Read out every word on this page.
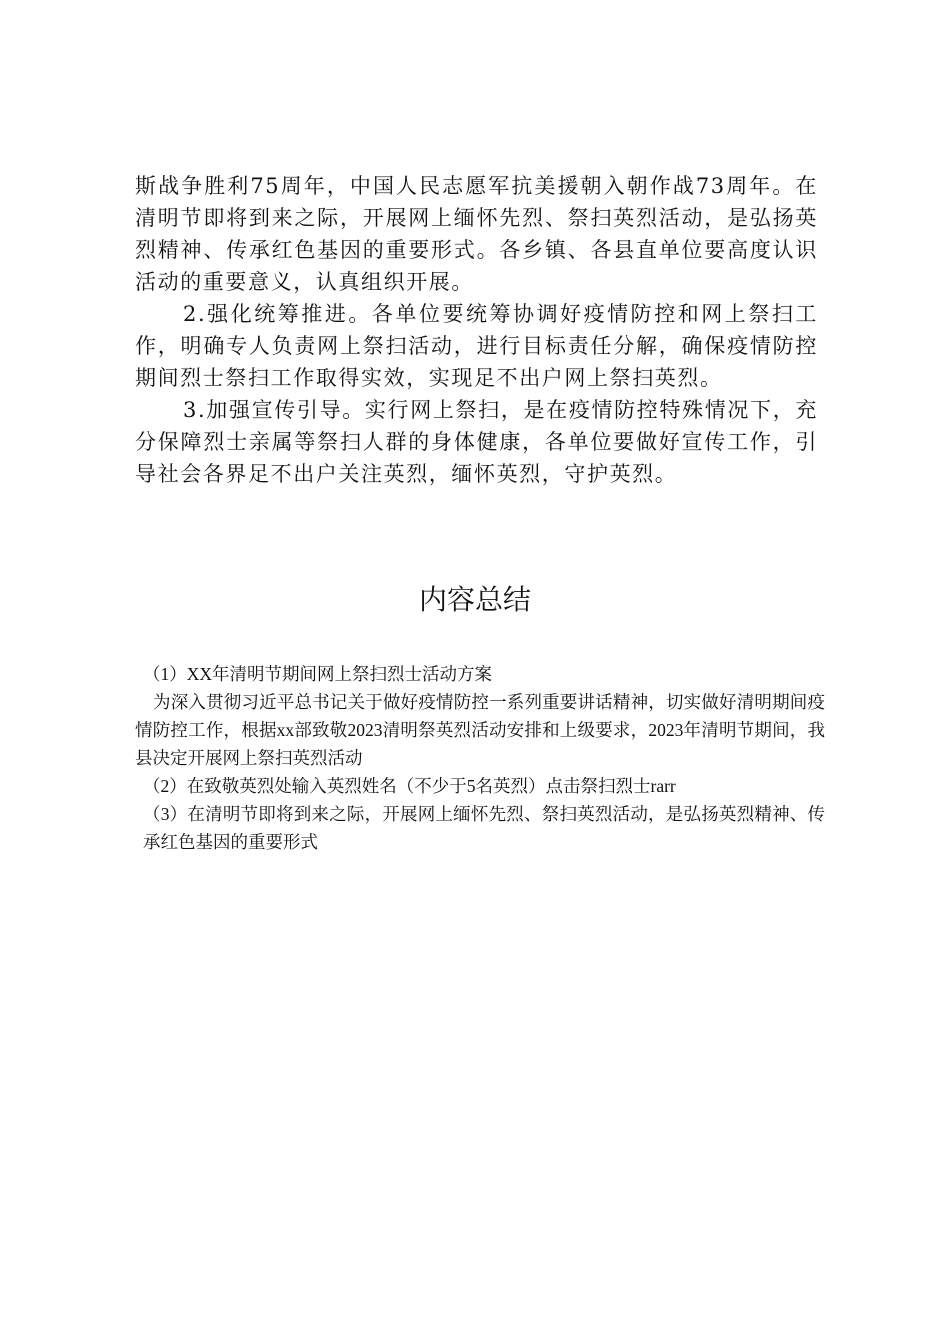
斯战争胜利75周年，中国人民志愿军抗美援朝入朝作战73周年。在清明节即将到来之际，开展网上缅怀先烈、祭扫英烈活动，是弘扬英烈精神、传承红色基因的重要形式。各乡镇、各县直单位要高度认识活动的重要意义，认真组织开展。

2.强化统筹推进。各单位要统筹协调好疫情防控和网上祭扫工作，明确专人负责网上祭扫活动，进行目标责任分解，确保疫情防控期间烈士祭扫工作取得实效，实现足不出户网上祭扫英烈。

3.加强宣传引导。实行网上祭扫，是在疫情防控特殊情况下，充分保障烈士亲属等祭扫人群的身体健康，各单位要做好宣传工作，引导社会各界足不出户关注英烈，缅怀英烈，守护英烈。

内容总结

（1）XX年清明节期间网上祭扫烈士活动方案

为深入贯彻习近平总书记关于做好疫情防控一系列重要讲话精神，切实做好清明期间疫情防控工作，根据xx部致敬2023清明祭英烈活动安排和上级要求，2023年清明节期间，我县决定开展网上祭扫英烈活动

（2）在致敬英烈处输入英烈姓名（不少于5名英烈）点击祭扫烈士rarr

（3）在清明节即将到来之际，开展网上缅怀先烈、祭扫英烈活动，是弘扬英烈精神、传承红色基因的重要形式
